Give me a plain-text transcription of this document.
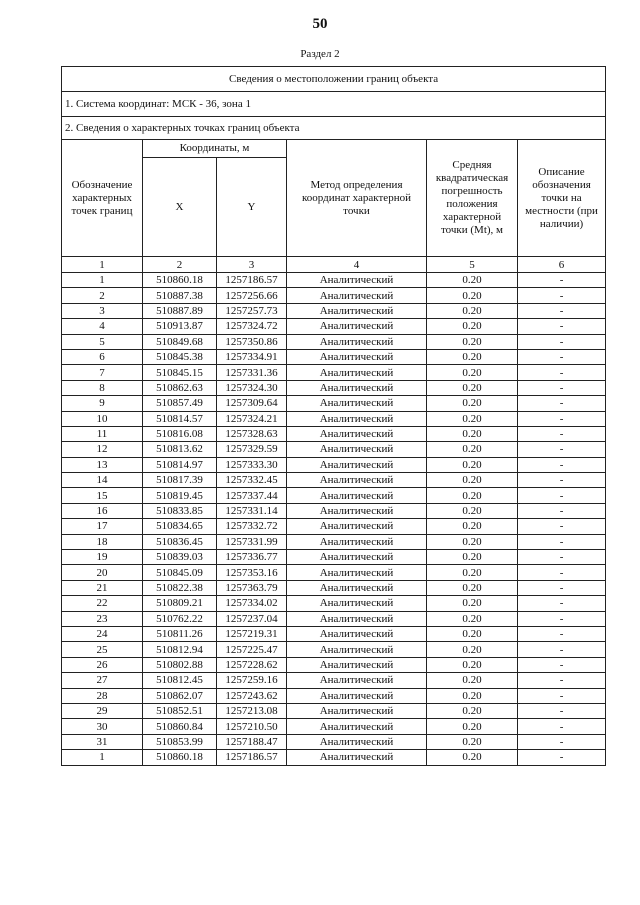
50
Раздел 2
Сведения о местоположении границ объекта					
1. Система координат: МСК - 36, зона 1					
2. Сведения о характерных точках границ объекта					
Обозначение характерных точек границ	Координаты, м		Метод определения координат характерной точки	Средняя квадратическая погрешность положения характерной точки (Mt), м	Описание обозначения точки на местности (при наличии)
	X	Y			
1	2	3	4	5	6
1	510860.18	1257186.57	Аналитический	0.20	-
2	510887.38	1257256.66	Аналитический	0.20	-
3	510887.89	1257257.73	Аналитический	0.20	-
4	510913.87	1257324.72	Аналитический	0.20	-
5	510849.68	1257350.86	Аналитический	0.20	-
6	510845.38	1257334.91	Аналитический	0.20	-
7	510845.15	1257331.36	Аналитический	0.20	-
8	510862.63	1257324.30	Аналитический	0.20	-
9	510857.49	1257309.64	Аналитический	0.20	-
10	510814.57	1257324.21	Аналитический	0.20	-
11	510816.08	1257328.63	Аналитический	0.20	-
12	510813.62	1257329.59	Аналитический	0.20	-
13	510814.97	1257333.30	Аналитический	0.20	-
14	510817.39	1257332.45	Аналитический	0.20	-
15	510819.45	1257337.44	Аналитический	0.20	-
16	510833.85	1257331.14	Аналитический	0.20	-
17	510834.65	1257332.72	Аналитический	0.20	-
18	510836.45	1257331.99	Аналитический	0.20	-
19	510839.03	1257336.77	Аналитический	0.20	-
20	510845.09	1257353.16	Аналитический	0.20	-
21	510822.38	1257363.79	Аналитический	0.20	-
22	510809.21	1257334.02	Аналитический	0.20	-
23	510762.22	1257237.04	Аналитический	0.20	-
24	510811.26	1257219.31	Аналитический	0.20	-
25	510812.94	1257225.47	Аналитический	0.20	-
26	510802.88	1257228.62	Аналитический	0.20	-
27	510812.45	1257259.16	Аналитический	0.20	-
28	510862.07	1257243.62	Аналитический	0.20	-
29	510852.51	1257213.08	Аналитический	0.20	-
30	510860.84	1257210.50	Аналитический	0.20	-
31	510853.99	1257188.47	Аналитический	0.20	-
1	510860.18	1257186.57	Аналитический	0.20	-
